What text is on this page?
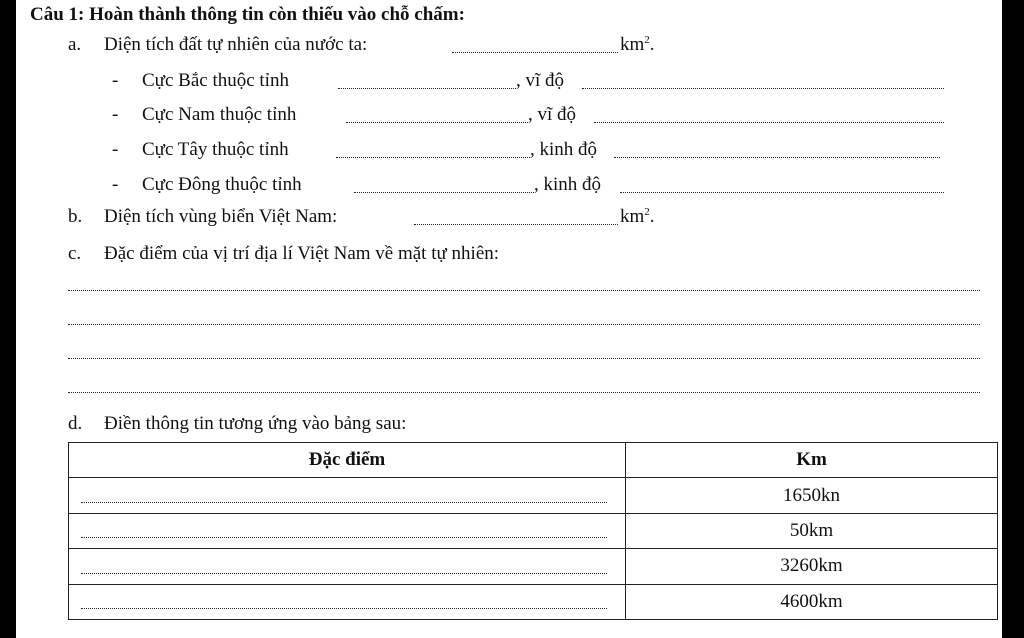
Câu 1: Hoàn thành thông tin còn thiếu vào chỗ chấm:
a. Diện tích đất tự nhiên của nước ta:	$km^2$.
- Cực Bắc thuộc tỉnh	, vĩ độ
- Cực Nam thuộc tỉnh	, vĩ độ
- Cực Tây thuộc tỉnh	, kinh độ
- Cực Đông thuộc tỉnh	, kinh độ
b. Diện tích vùng biển Việt Nam:	$km^2$.
c. Đặc điểm của vị trí địa lí Việt Nam về mặt tự nhiên:
d. Điền thông tin tương ứng vào bảng sau:
Đặc điểm	Km

	1650kn

	50km

	3260km

	4600km
